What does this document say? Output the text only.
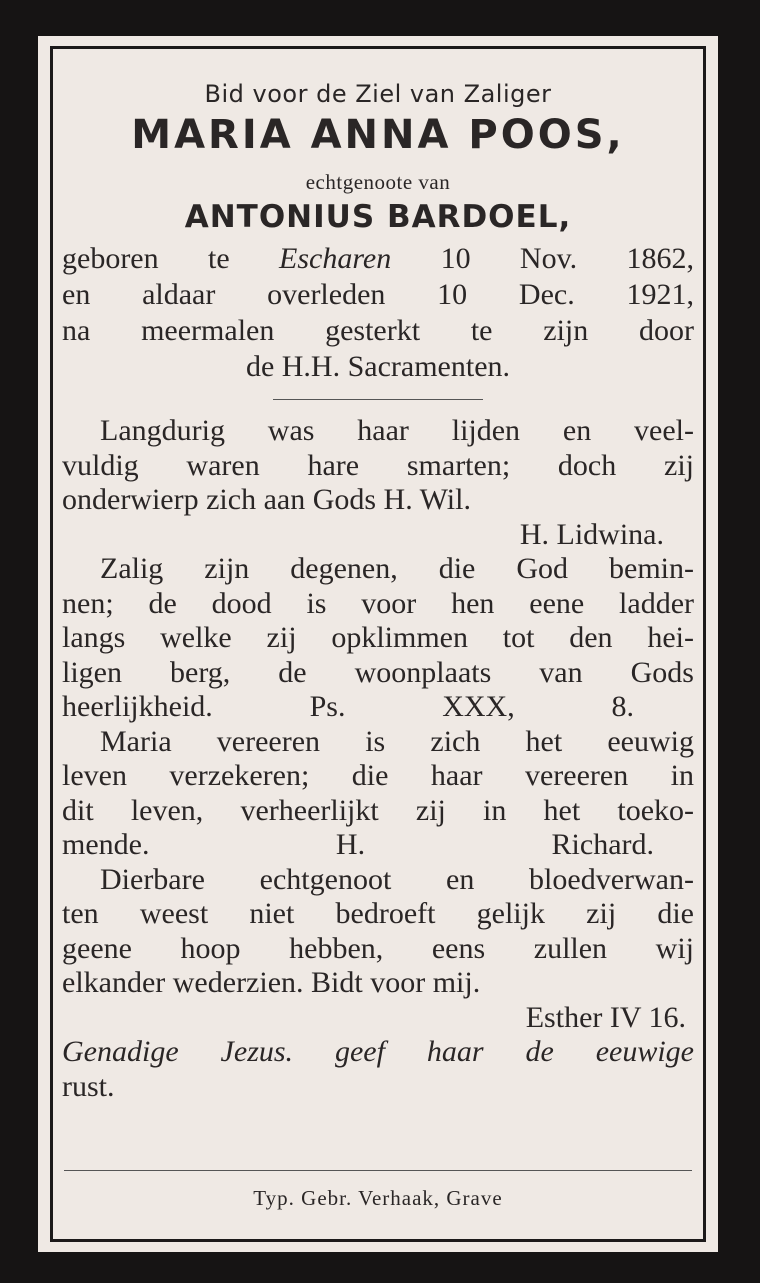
Bid voor de Ziel van Zaliger
MARIA ANNA POOS,
echtgenoote van
ANTONIUS BARDOEL,
geboren te Escharen 10 Nov. 1862,
en aldaar overleden 10 Dec. 1921,
na meermalen gesterkt te zijn door
de H.H. Sacramenten.
Langdurig was haar lijden en veel-
vuldig waren hare smarten; doch zij
onderwierp zich aan Gods H. Wil.
H. Lidwina.
Zalig zijn degenen, die God bemin-
nen; de dood is voor hen eene ladder
langs welke zij opklimmen tot den hei-
ligen berg, de woonplaats van Gods
heerlijkheid.	Ps. XXX, 8.
Maria vereeren is zich het eeuwig
leven verzekeren; die haar vereeren in
dit leven, verheerlijkt zij in het toeko-
mende.	H. Richard.
Dierbare echtgenoot en bloedverwan-
ten weest niet bedroeft gelijk zij die
geene hoop hebben, eens zullen wij
elkander wederzien. Bidt voor mij.
Esther IV 16.
Genadige Jezus. geef haar de eeuwige
rust.
Typ. Gebr. Verhaak, Grave
